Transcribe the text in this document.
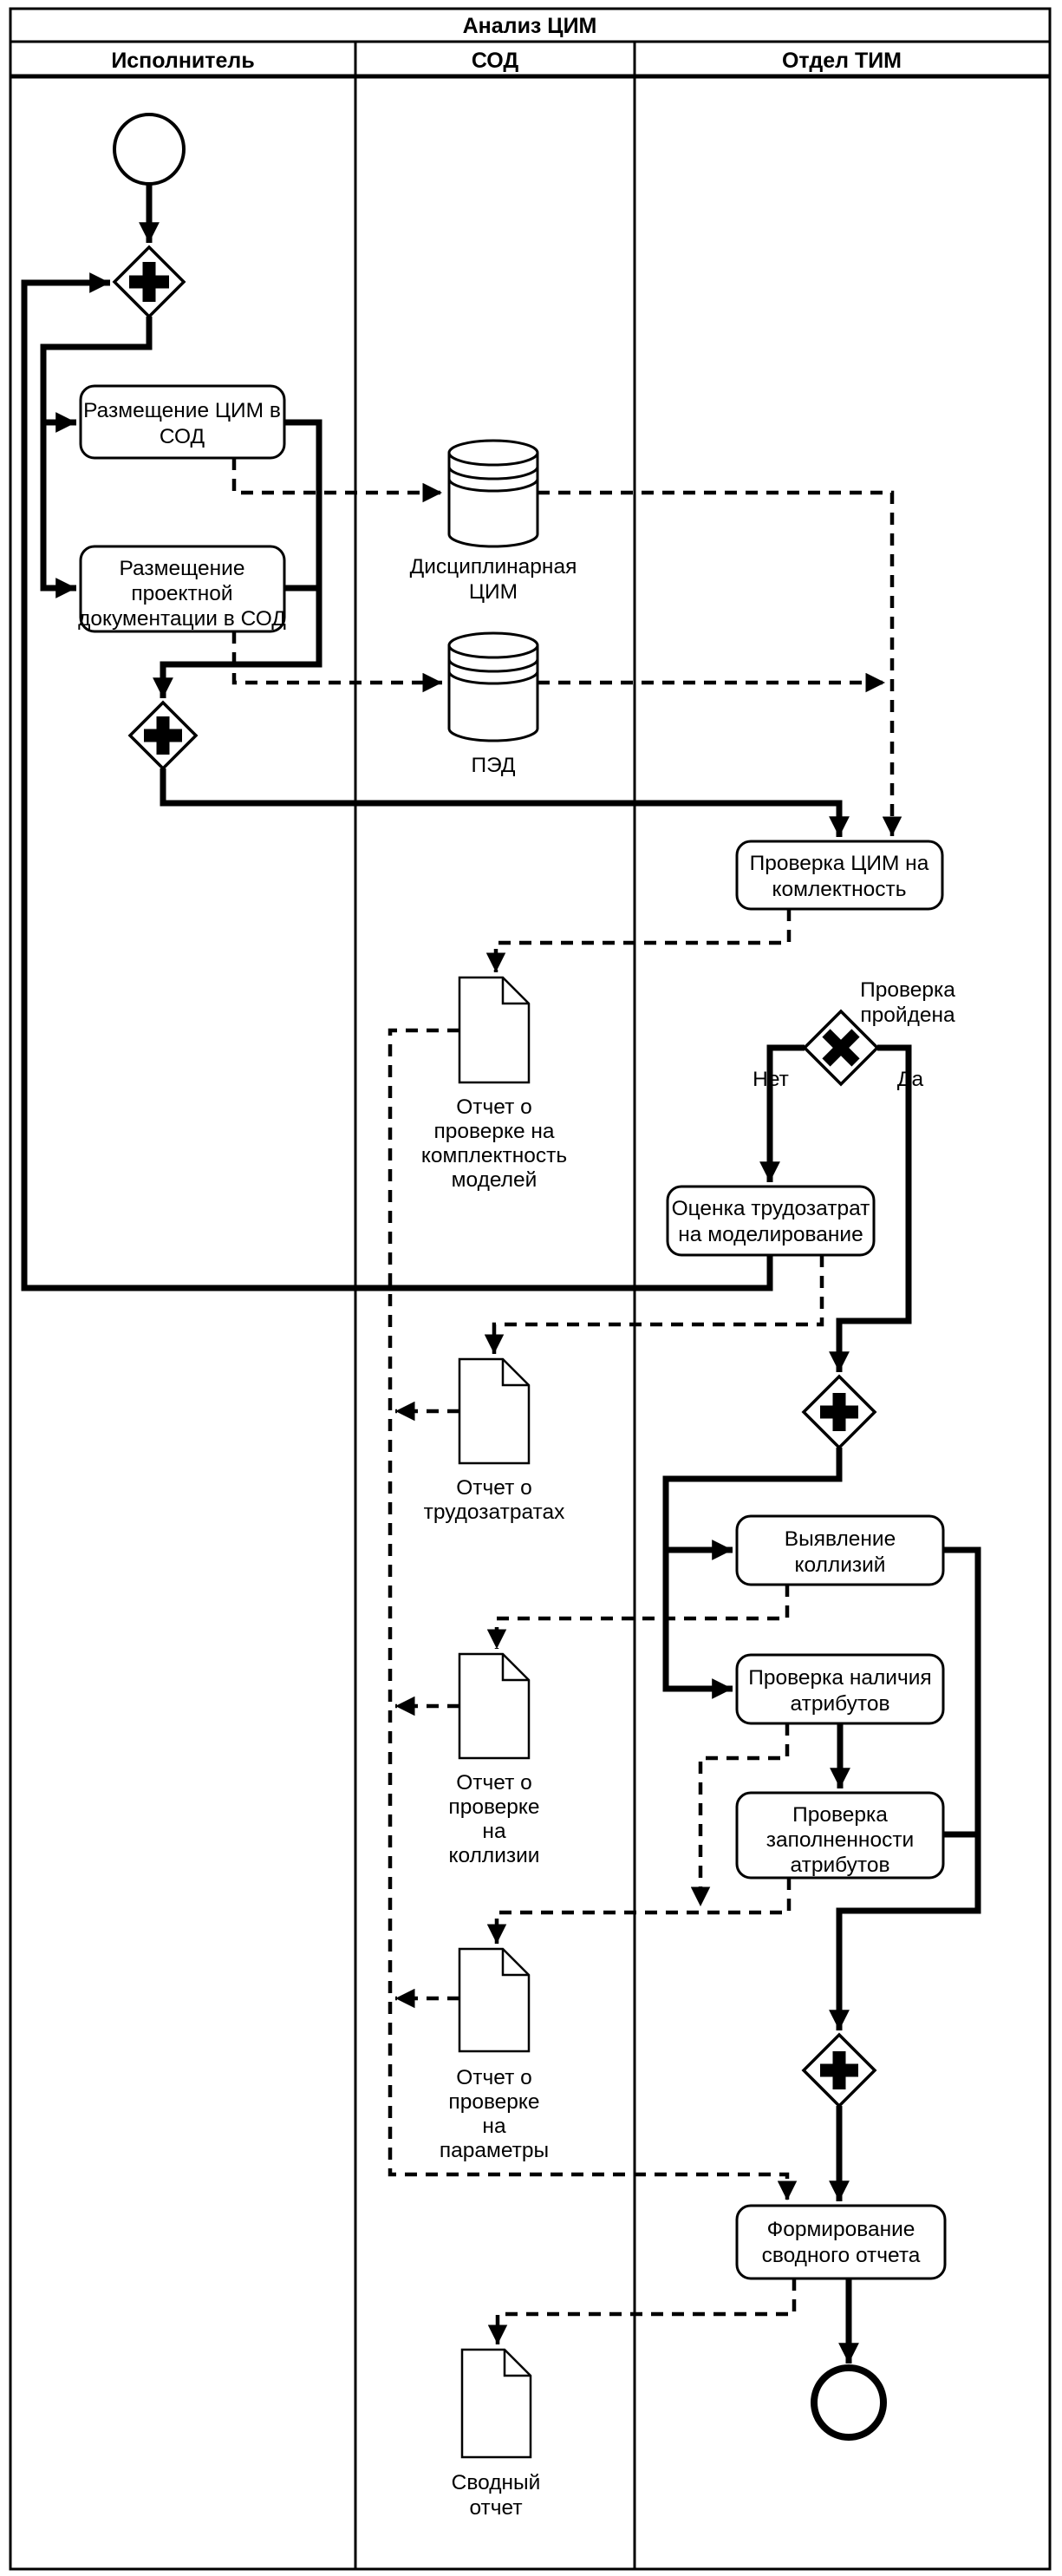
Анализ ЦИМ
Исполнитель	СОД	Отдел ТИМ
Проверка
пройдена
Нет	Да
Размещение ЦИМ в
СОД
Размещение
проектной
документации в СОД
Проверка ЦИМ на
комлектность
Оценка трудозатрат
на моделирование
Выявление
коллизий
Проверка наличия
атрибутов
Проверка
заполненности
атрибутов
Формирование
сводного отчета
Дисциплинарная
ЦИМ
ПЭД
Отчет о
проверке на
комплектность
моделей
Отчет о
трудозатратах
Отчет о
проверке
на
коллизии
Отчет о
проверке
на
параметры
Сводный
отчет
